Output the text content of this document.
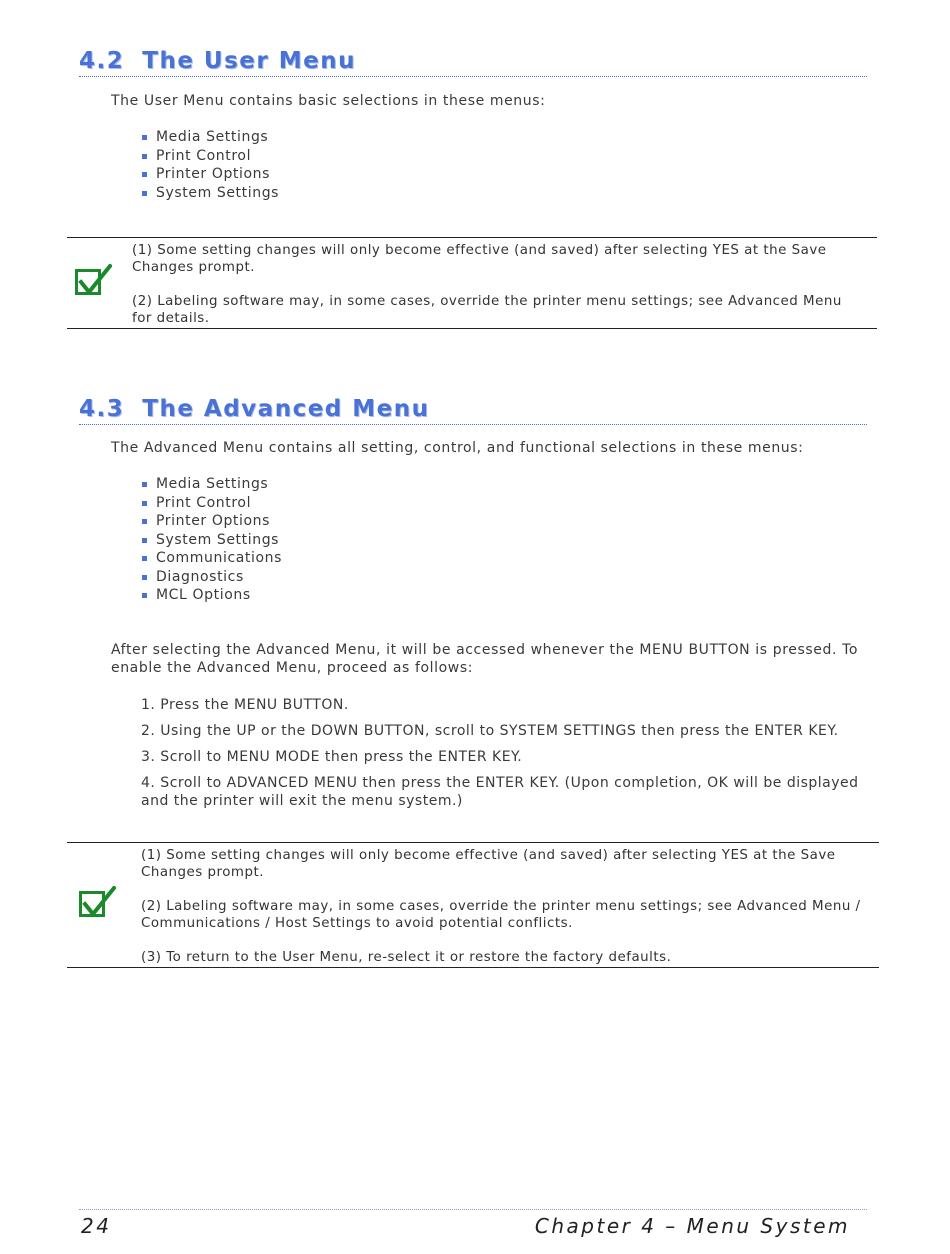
4.2 The User Menu
The User Menu contains basic selections in these menus:
Media Settings
Print Control
Printer Options
System Settings

(1) Some setting changes will only become effective (and saved) after selecting YES at the Save Changes prompt.

(2) Labeling software may, in some cases, override the printer menu settings; see Advanced Menu for details.

4.3 The Advanced Menu
The Advanced Menu contains all setting, control, and functional selections in these menus:
Media Settings
Print Control
Printer Options
System Settings
Communications
Diagnostics
MCL Options
After selecting the Advanced Menu, it will be accessed whenever the MENU BUTTON is pressed. To enable the Advanced Menu, proceed as follows:
1. Press the MENU BUTTON.
2. Using the UP or the DOWN BUTTON, scroll to SYSTEM SETTINGS then press the ENTER KEY.
3. Scroll to MENU MODE then press the ENTER KEY.
4. Scroll to ADVANCED MENU then press the ENTER KEY. (Upon completion, OK will be displayed and the printer will exit the menu system.)

(1) Some setting changes will only become effective (and saved) after selecting YES at the Save Changes prompt.

(2) Labeling software may, in some cases, override the printer menu settings; see Advanced Menu / Communications / Host Settings to avoid potential conflicts.

(3) To return to the User Menu, re-select it or restore the factory defaults.

24	Chapter 4 – Menu System
